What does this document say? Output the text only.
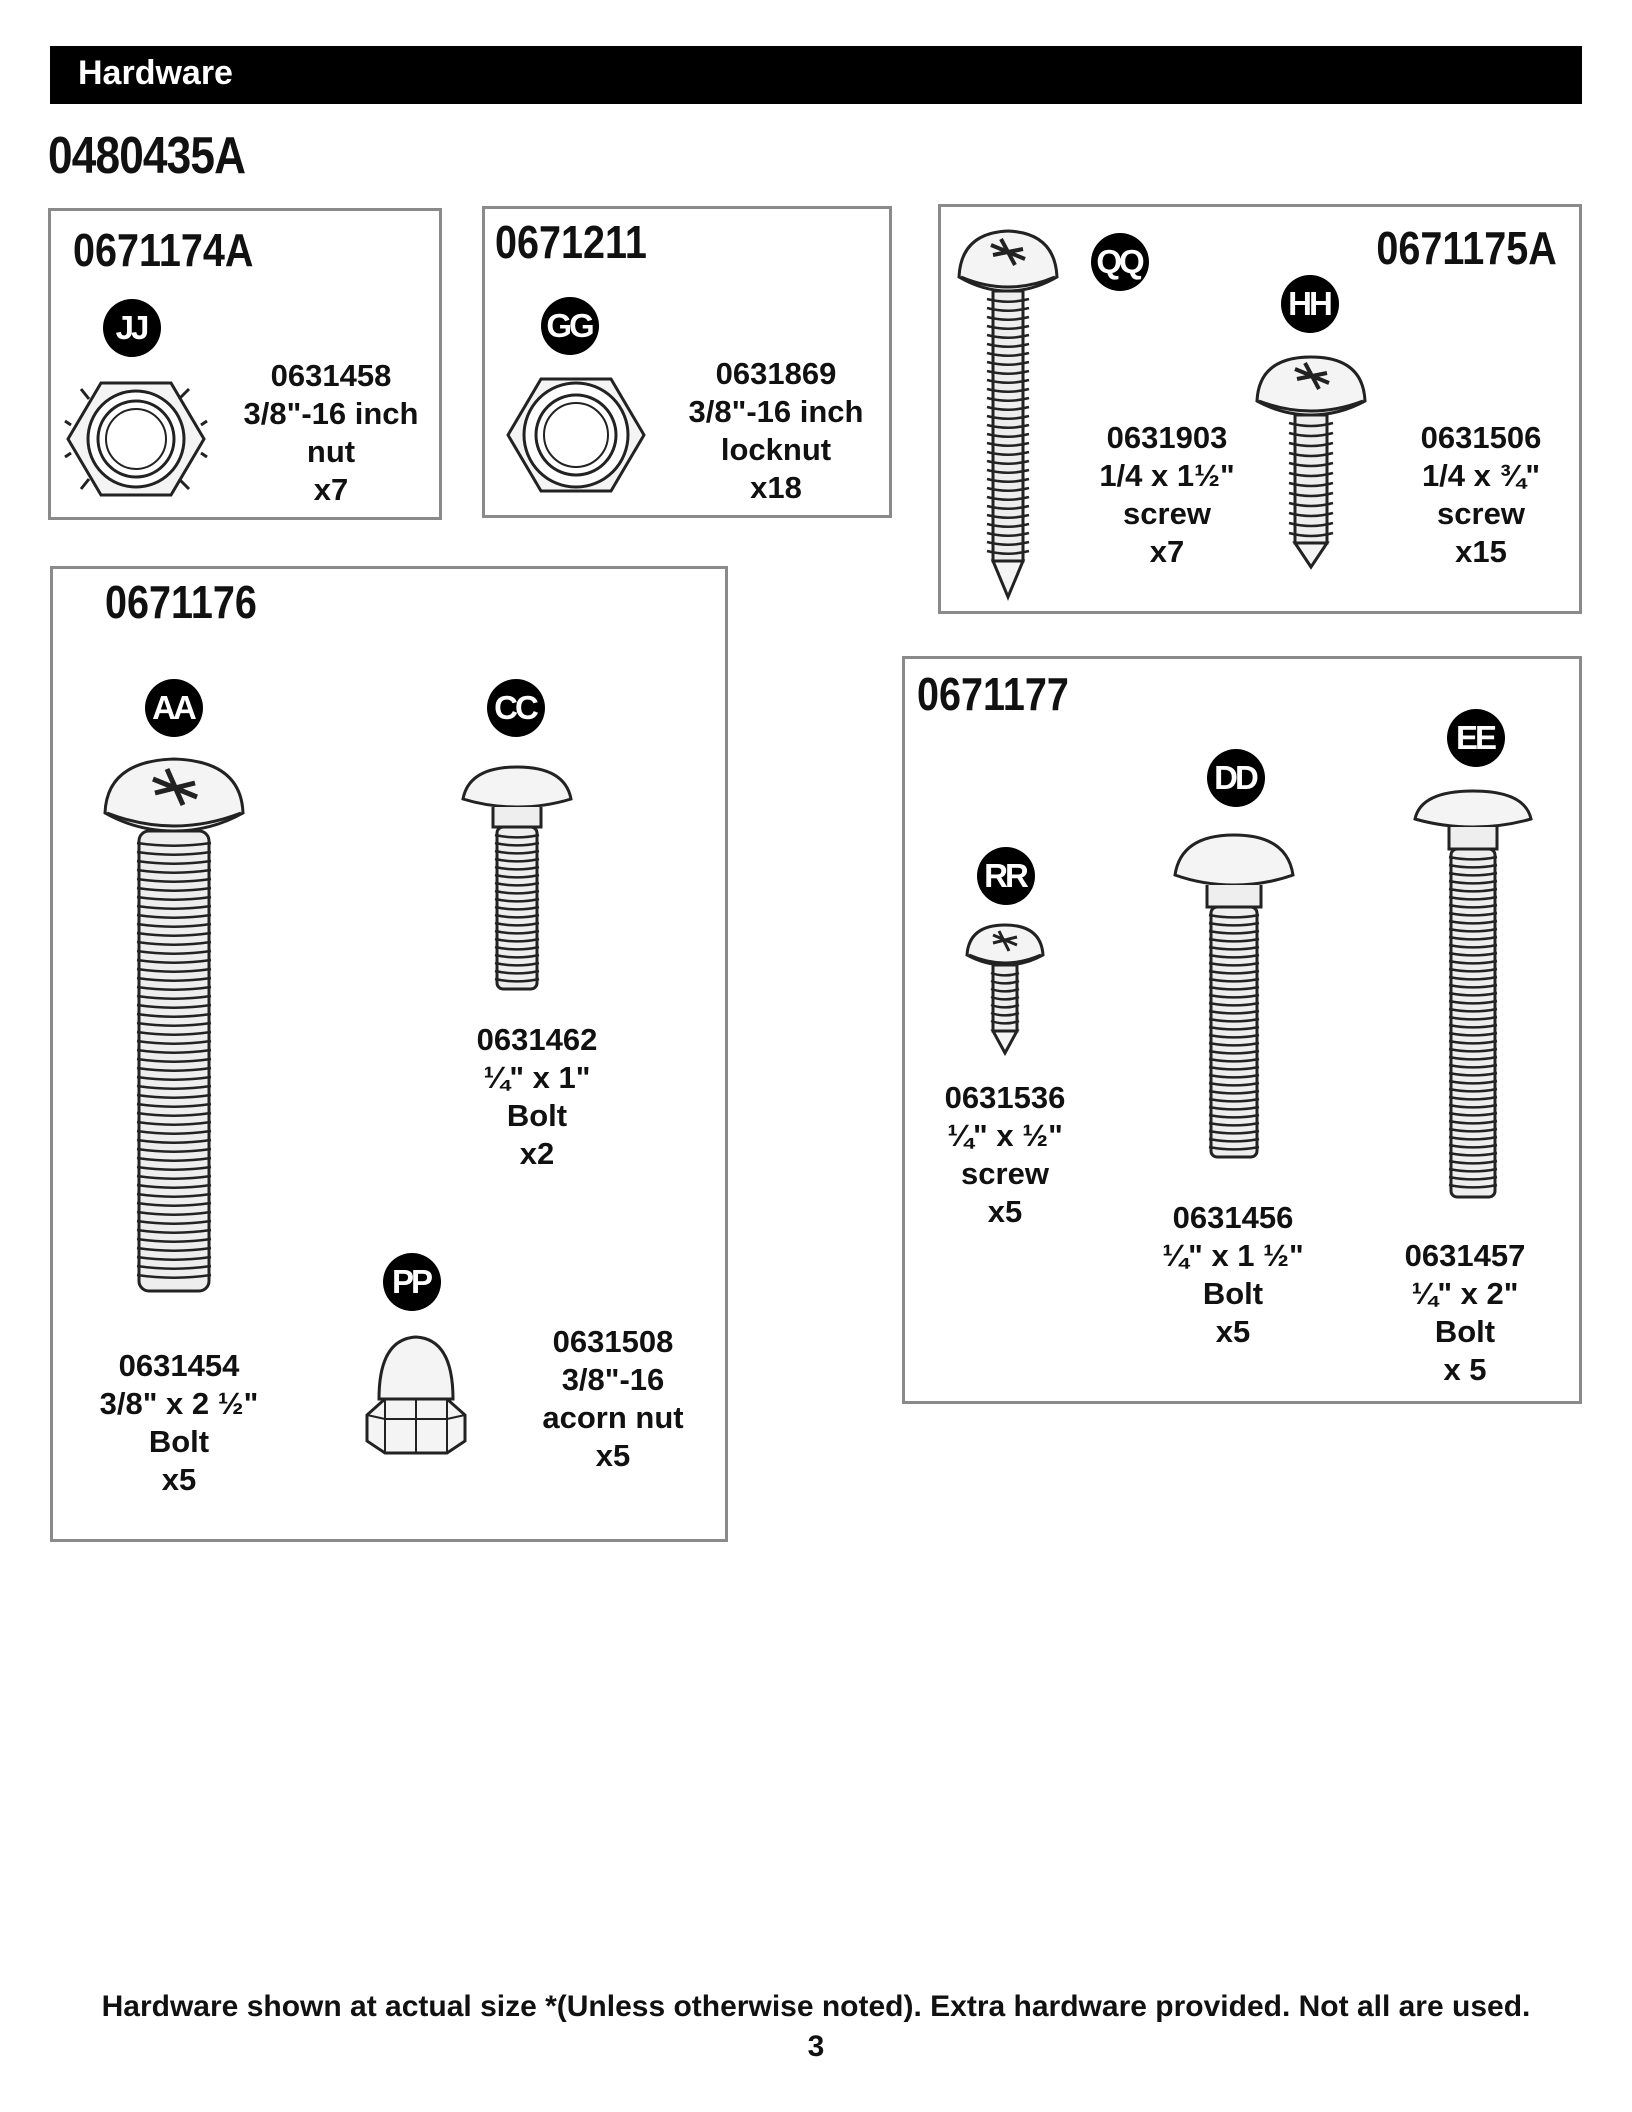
Hardware
0480435A
0671174A
JJ
0631458
3/8"-16 inch
nut
x7
0671211
GG
0631869
3/8"-16 inch
locknut
x18
0671175A
QQ
HH
0631903
1/4 x 1½"
screw
x7
0631506
1/4 x ¾"
screw
x15
0671176
AA	CC
PP
0631454
3/8" x 2 ½"
Bolt
x5
0631462
¼" x 1"
Bolt
x2
0631508
3/8"-16
acorn nut
x5
0671177
RR
DD
EE
0631536
¼" x ½"
screw
x5	0631456
¼" x 1 ½"
Bolt
x5
0631457
¼" x 2"
Bolt
x 5
Hardware shown at actual size *(Unless otherwise noted). Extra hardware provided. Not all are used.
3
